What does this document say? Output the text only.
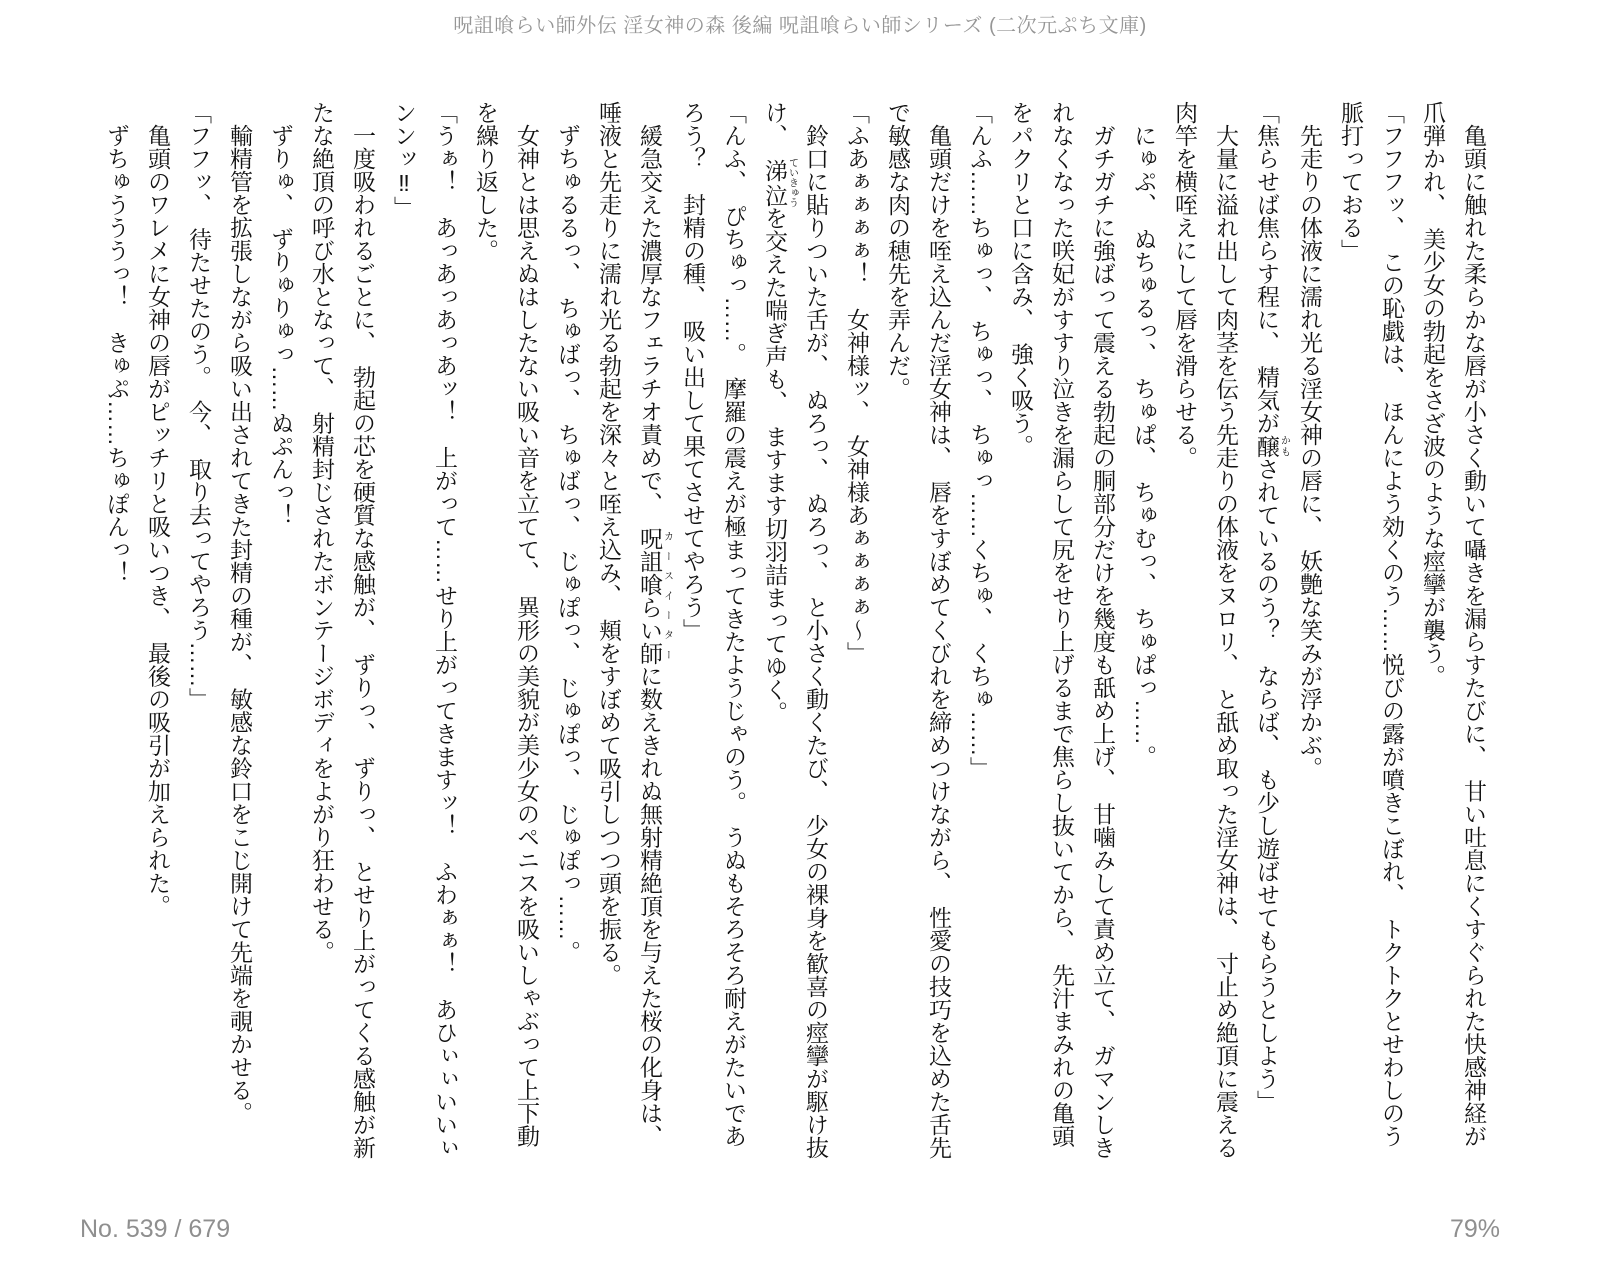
呪詛喰らい師外伝 淫女神の森 後編 呪詛喰らい師シリーズ (二次元ぷち文庫)

亀頭に触れた柔らかな唇が小さく動いて囁きを漏らすたびに、　甘い吐息にくすぐられた快感神経が爪弾かれ、　美少女の勃起をさざ波のような痙攣が襲う。

「フフフッ、　この恥戯は、　ほんによう効くのう……悦びの露が噴きこぼれ、　トクトクとせわしのう脈打っておる」

先走りの体液に濡れ光る淫女神の唇に、　妖艶な笑みが浮かぶ。

「焦らせば焦らす程に、　精気が醸かもされているのう？　ならば、　も少し遊ばせてもらうとしよう」

大量に溢れ出して肉茎を伝う先走りの体液をヌロリ、　と舐め取った淫女神は、　寸止め絶頂に震える肉竿を横咥えにして唇を滑らせる。

にゅぷ、　ぬちゅるっ、　ちゅぱ、　ちゅむっ、　ちゅぱっ……。

ガチガチに強ばって震える勃起の胴部分だけを幾度も舐め上げ、　甘噛みして責め立て、　ガマンしきれなくなった咲妃がすすり泣きを漏らして尻をせり上げるまで焦らし抜いてから、　先汁まみれの亀頭をパクリと口に含み、　強く吸う。

「んふ……ちゅっ、　ちゅっ、　ちゅっ……くちゅ、　くちゅ……」

亀頭だけを咥え込んだ淫女神は、　唇をすぼめてくびれを締めつけながら、　性愛の技巧を込めた舌先で敏感な肉の穂先を弄んだ。

「ふあぁぁぁぁ！　女神様ッ、　女神様あぁぁぁぁ～」

鈴口に貼りついた舌が、　ぬろっ、　ぬろっ、　と小さく動くたび、　少女の裸身を歓喜の痙攣が駆け抜け、　涕泣ていきゅうを交えた喘ぎ声も、　ますます切羽詰まってゆく。

「んふ、　ぴちゅっ……。　摩羅の震えが極まってきたようじゃのう。　うぬもそろそろ耐えがたいであろう？　封精の種、　吸い出して果てさせてやろう」

緩急交えた濃厚なフェラチオ責めで、　呪詛喰らい師カースイーターに数えきれぬ無射精絶頂を与えた桜の化身は、　唾液と先走りに濡れ光る勃起を深々と咥え込み、　頬をすぼめて吸引しつつ頭を振る。

ずちゅるるっ、　ちゅばっ、　ちゅばっ、　じゅぽっ、　じゅぽっ、　じゅぽっ……。

女神とは思えぬはしたない吸い音を立てて、　異形の美貌が美少女のペニスを吸いしゃぶって上下動を繰り返した。

「うぁ！　あっあっあっあッ！　上がって……せり上がってきますッ！　ふわぁぁ！　あひぃぃいいぃンンッ‼」

一度吸われるごとに、　勃起の芯を硬質な感触が、　ずりっ、　ずりっ、　とせり上がってくる感触が新たな絶頂の呼び水となって、　射精封じされたボンテージボディをよがり狂わせる。

ずりゅ、　ずりゅりゅっ……ぬぷんっ！

輸精管を拡張しながら吸い出されてきた封精の種が、　敏感な鈴口をこじ開けて先端を覗かせる。

「フフッ、　待たせたのう。　今、　取り去ってやろう……」

亀頭のワレメに女神の唇がピッチリと吸いつき、　最後の吸引が加えられた。

ずちゅうううっ！　きゅぷ……ちゅぽんっ！

No. 539 / 679	79%
